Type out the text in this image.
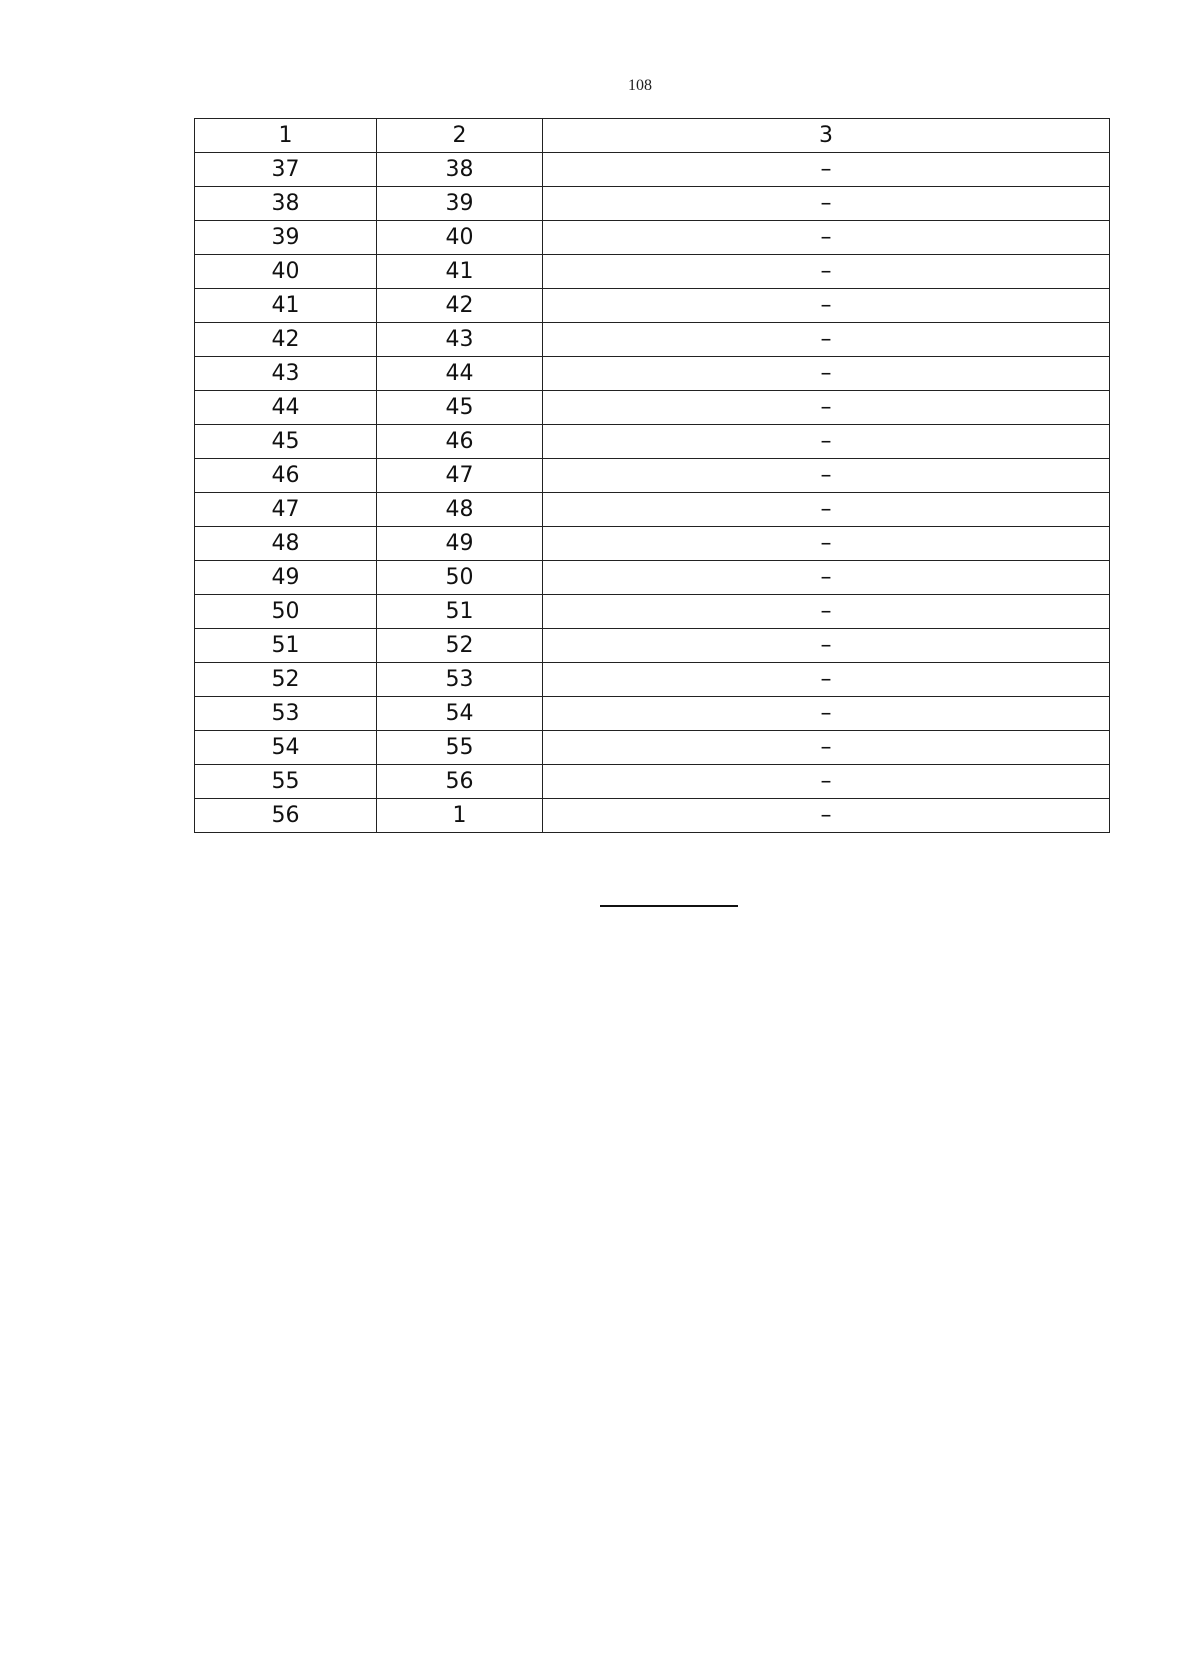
108
1	2	3
37	38	–
38	39	–
39	40	–
40	41	–
41	42	–
42	43	–
43	44	–
44	45	–
45	46	–
46	47	–
47	48	–
48	49	–
49	50	–
50	51	–
51	52	–
52	53	–
53	54	–
54	55	–
55	56	–
56	1	–
